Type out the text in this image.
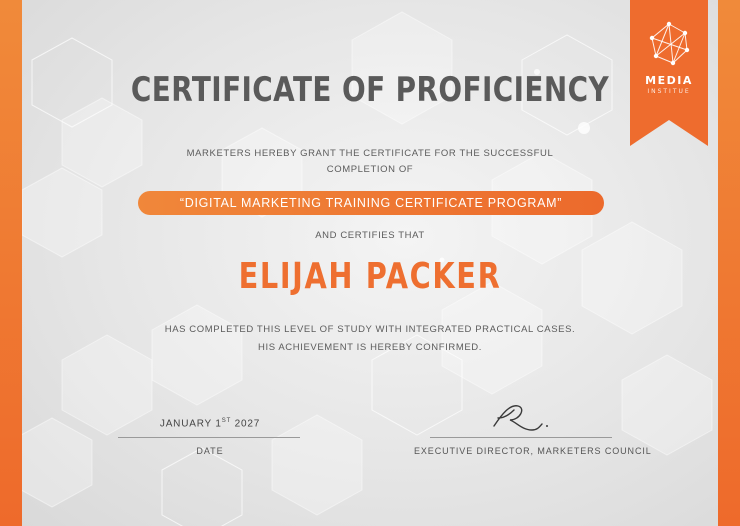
MEDIA
INSTITUE
CERTIFICATE OF PROFICIENCY

MARKETERS HEREBY GRANT THE CERTIFICATE FOR THE SUCCESSFUL

COMPLETION OF

“DIGITAL MARKETING TRAINING CERTIFICATE PROGRAM”

AND CERTIFIES THAT

ELIJAH PACKER

HAS COMPLETED THIS LEVEL OF STUDY WITH INTEGRATED PRACTICAL CASES.

HIS ACHIEVEMENT IS HEREBY CONFIRMED.

JANUARY 1ST 2027
DATE	EXECUTIVE DIRECTOR, MARKETERS COUNCIL
